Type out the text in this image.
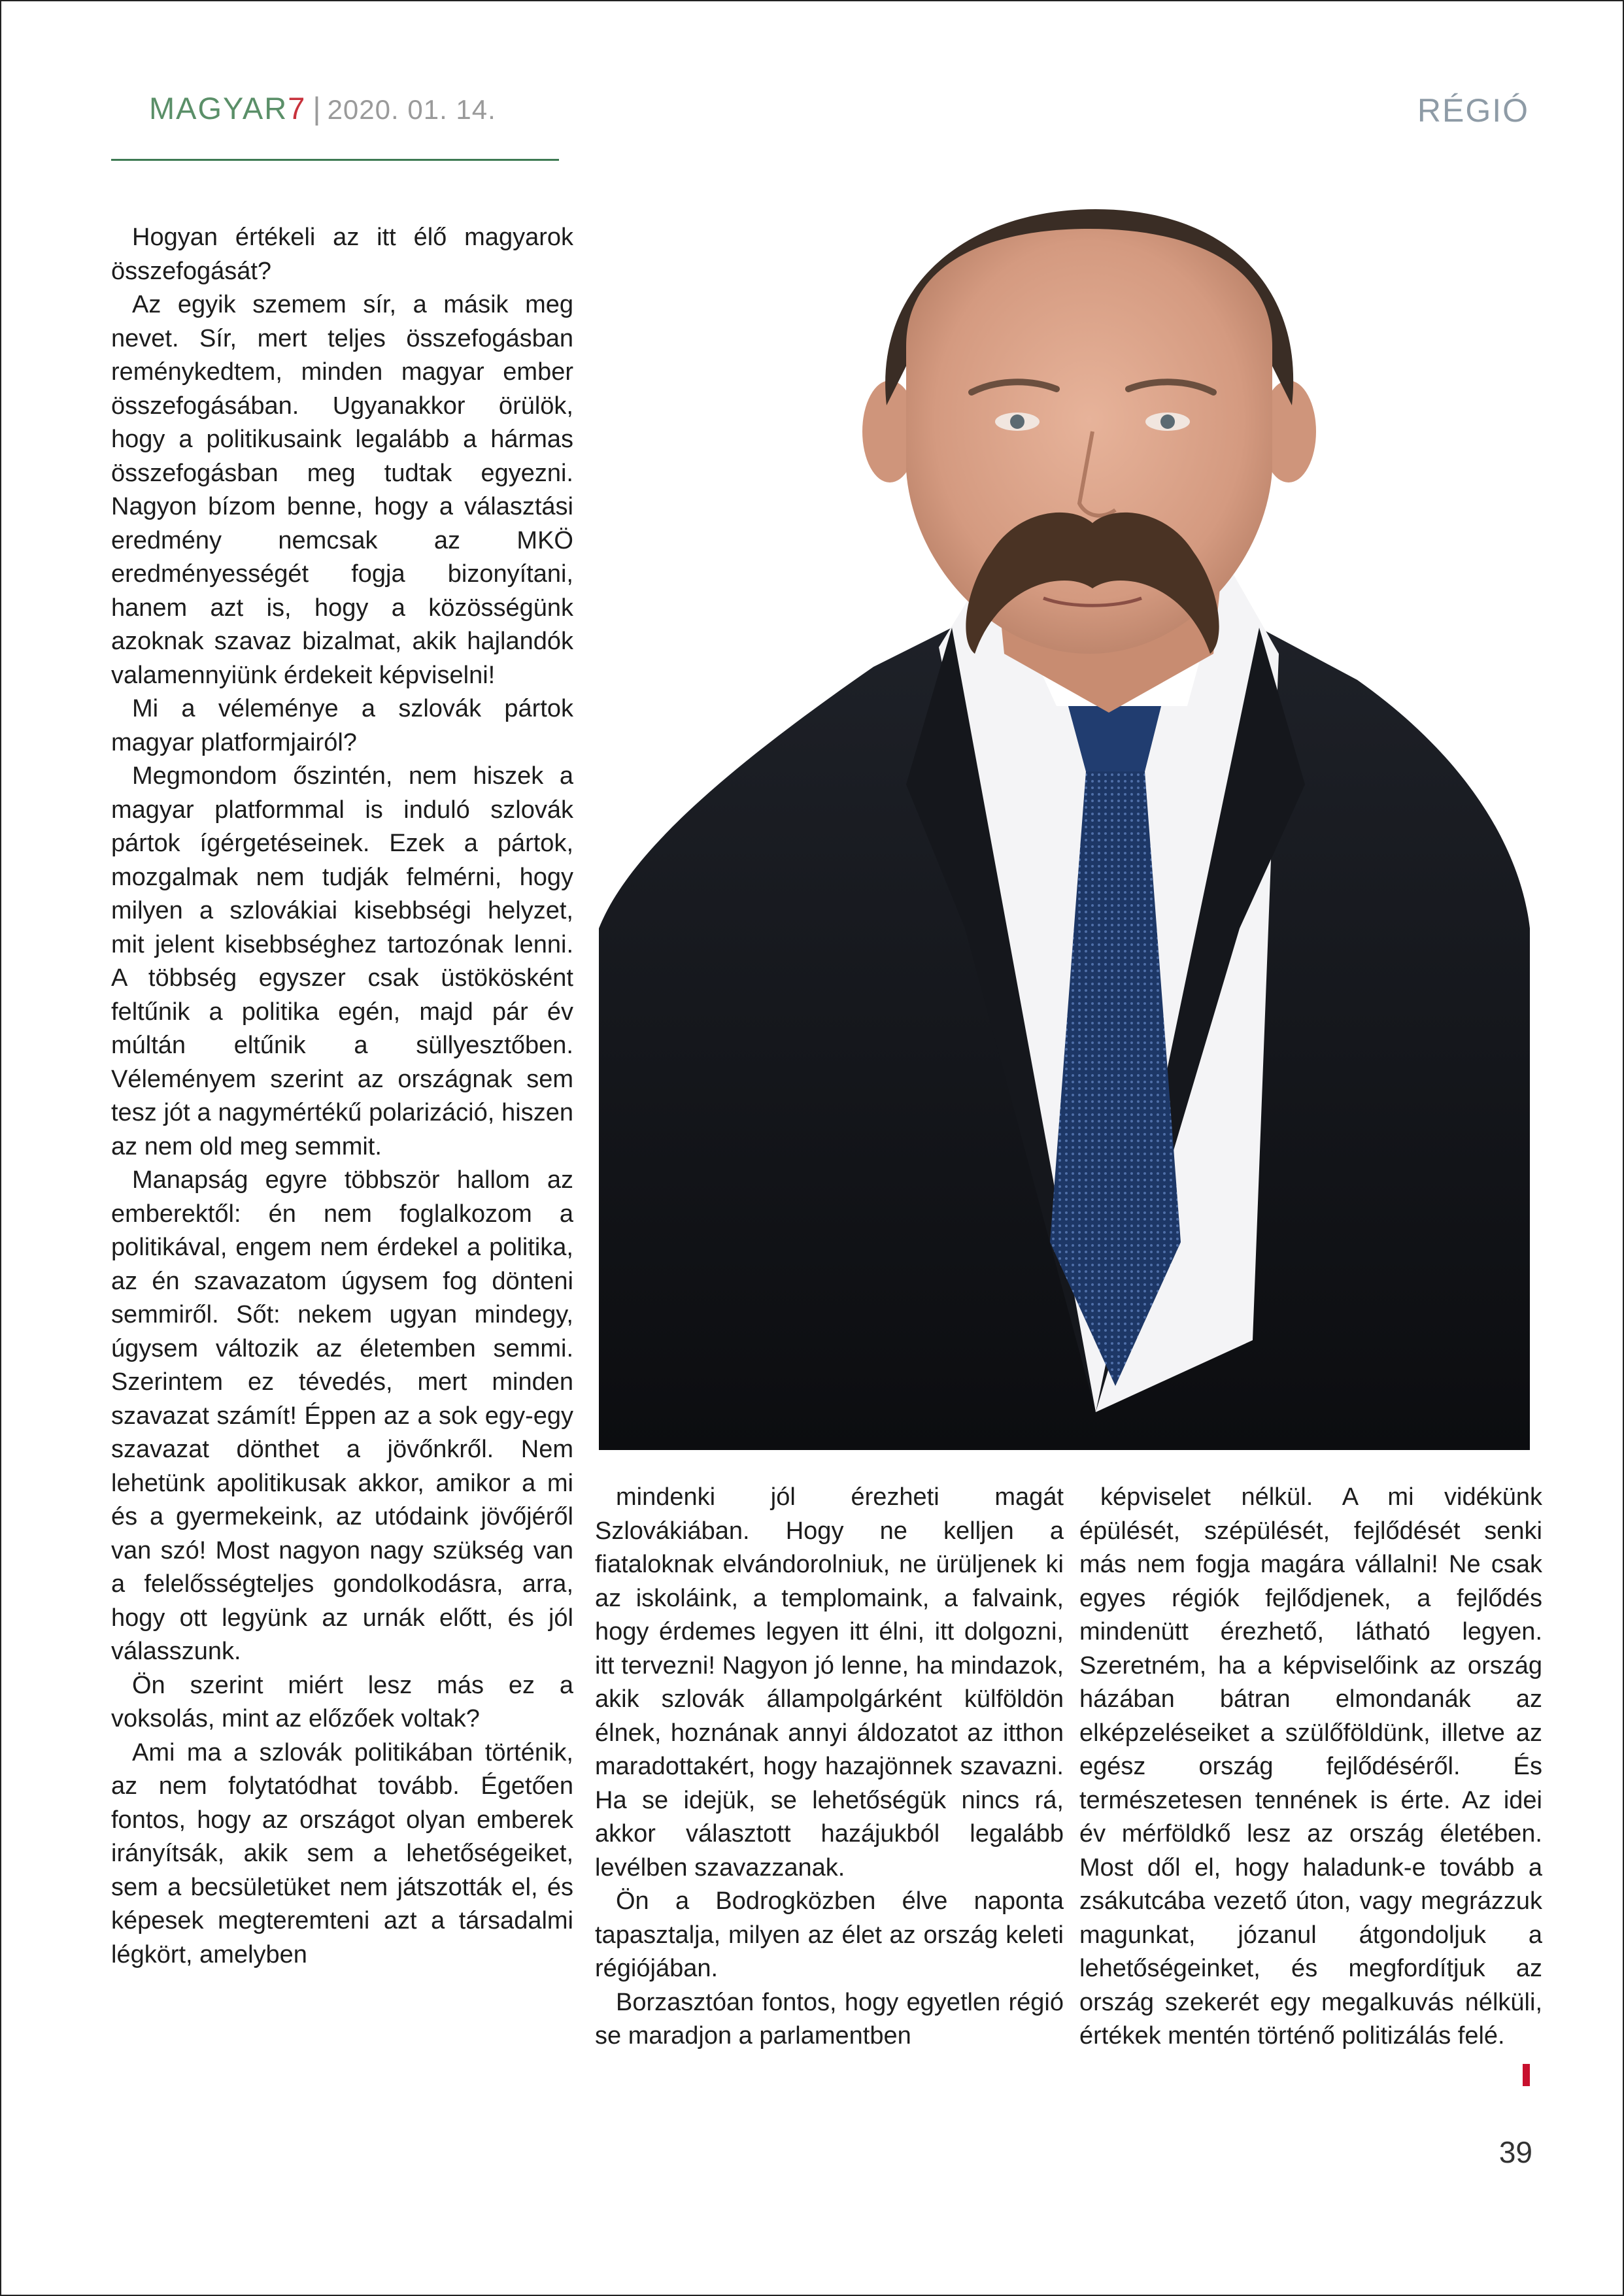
MAGYAR7 | 2020. 01. 14.	RÉGIÓ

Hogyan értékeli az itt élő magyarok összefogását?

Az egyik szemem sír, a másik meg nevet. Sír, mert teljes összefogásban reménykedtem, minden magyar ember összefogásában. Ugyanakkor örülök, hogy a politikusaink legalább a hármas összefogásban meg tudtak egyezni. Nagyon bízom benne, hogy a választási eredmény nemcsak az MKÖ eredményességét fogja bizonyítani, hanem azt is, hogy a közösségünk azoknak szavaz bizalmat, akik hajlandók valamennyiünk érdekeit képviselni!

Mi a véleménye a szlovák pártok magyar platformjairól?

Megmondom őszintén, nem hiszek a magyar platformmal is induló szlovák pártok ígérgetéseinek. Ezek a pártok, mozgalmak nem tudják felmérni, hogy milyen a szlovákiai kisebbségi helyzet, mit jelent kisebbséghez tartozónak lenni. A többség egyszer csak üstökösként feltűnik a politika egén, majd pár év múltán eltűnik a süllyesztőben. Véleményem szerint az országnak sem tesz jót a nagymértékű polarizáció, hiszen az nem old meg semmit.

Manapság egyre többször hallom az emberektől: én nem foglalkozom a politikával, engem nem érdekel a politika, az én szavazatom úgysem fog dönteni semmiről. Sőt: nekem ugyan mindegy, úgysem változik az életemben semmi. Szerintem ez tévedés, mert minden szavazat számít! Éppen az a sok egy-egy szavazat dönthet a jövőnkről. Nem lehetünk apolitikusak akkor, amikor a mi és a gyermekeink, az utódaink jövőjéről van szó! Most nagyon nagy szükség van a felelősségteljes gondolkodásra, arra, hogy ott legyünk az urnák előtt, és jól válasszunk.

Ön szerint miért lesz más ez a voksolás, mint az előzőek voltak?

Ami ma a szlovák politikában történik, az nem folytatódhat tovább. Égetően fontos, hogy az országot olyan emberek irányítsák, akik sem a lehetőségeiket, sem a becsületüket nem játszották el, és képesek megteremteni azt a társadalmi légkört, amelyben

mindenki jól érezheti magát Szlovákiában. Hogy ne kelljen a fiataloknak elvándorolniuk, ne ürüljenek ki az iskoláink, a templomaink, a falvaink, hogy érdemes legyen itt élni, itt dolgozni, itt tervezni! Nagyon jó lenne, ha mindazok, akik szlovák állampolgárként külföldön élnek, hoznának annyi áldozatot az itthon maradottakért, hogy hazajönnek szavazni. Ha se idejük, se lehetőségük nincs rá, akkor választott hazájukból legalább levélben szavazzanak.

Ön a Bodrogközben élve naponta tapasztalja, milyen az élet az ország keleti régiójában.

Borzasztóan fontos, hogy egyetlen régió se maradjon a parlamentben

képviselet nélkül. A mi vidékünk épülését, szépülését, fejlődését senki más nem fogja magára vállalni! Ne csak egyes régiók fejlődjenek, a fejlődés mindenütt érezhető, látható legyen. Szeretném, ha a képviselőink az ország házában bátran elmondanák az elképzeléseiket a szülőföldünk, illetve az egész ország fejlődéséről. És természetesen tennének is érte. Az idei év mérföldkő lesz az ország életében. Most dől el, hogy haladunk-e tovább a zsákutcába vezető úton, vagy megrázzuk magunkat, józanul átgondoljuk a lehetőségeinket, és megfordítjuk az ország szekerét egy megalkuvás nélküli, értékek mentén történő politizálás felé.

39
